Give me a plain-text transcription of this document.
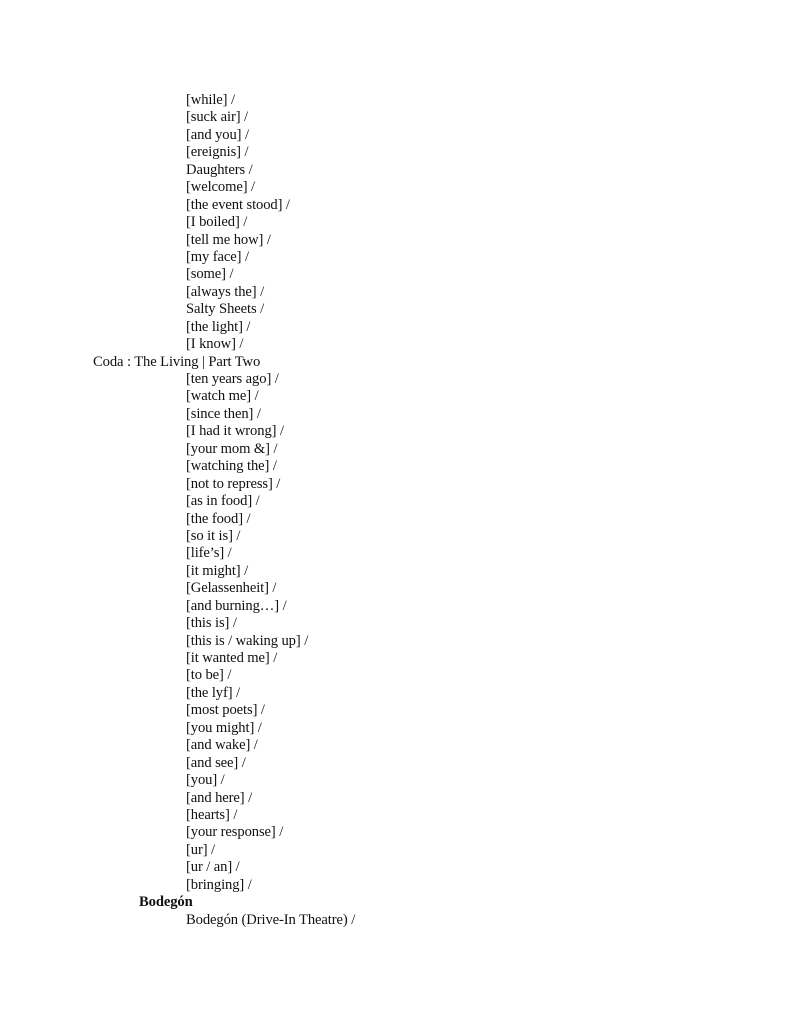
[while] /
[suck air] /
[and you] /
[ereignis] /
Daughters /
[welcome] /
[the event stood] /
[I boiled] /
[tell me how] /
[my face] /
[some] /
[always the] /
Salty Sheets /
[the light] /
[I know] /
Coda : The Living | Part Two
[ten years ago] /
[watch me] /
[since then] /
[I had it wrong] /
[your mom &] /
[watching the] /
[not to repress] /
[as in food] /
[the food] /
[so it is] /
[life’s] /
[it might] /
[Gelassenheit] /
[and burning…] /
[this is] /
[this is / waking up] /
[it wanted me] /
[to be] /
[the lyf] /
[most poets] /
[you might] /
[and wake] /
[and see] /
[you] /
[and here] /
[hearts] /
[your response] /
[ur] /
[ur / an] /
[bringing] /
Bodegón
Bodegón (Drive-In Theatre) /
